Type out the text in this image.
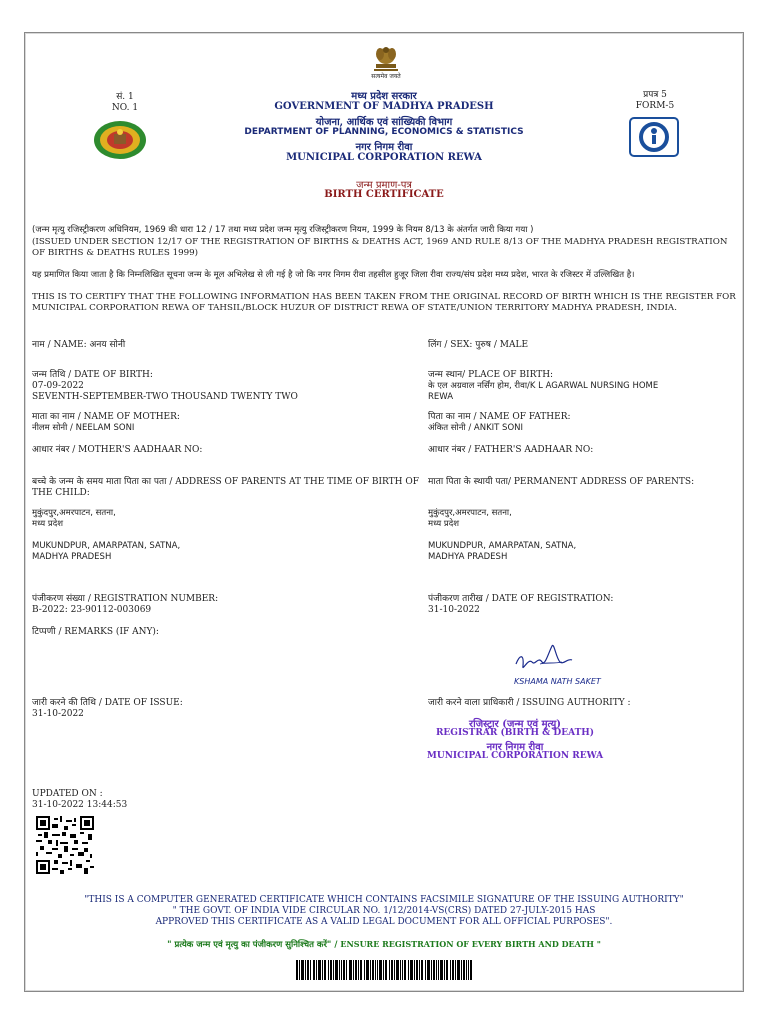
सत्यमेव जयते
सं. 1
NO. 1
प्रपत्र 5
FORM-5
मध्य प्रदेश सरकार
GOVERNMENT OF MADHYA PRADESH
योजना, आर्थिक एवं सांख्यिकी विभाग
DEPARTMENT OF PLANNING, ECONOMICS & STATISTICS
नगर निगम रीवा
MUNICIPAL CORPORATION REWA
जन्म प्रमाण-पत्र
BIRTH CERTIFICATE
(जन्म मृत्यु रजिस्ट्रीकरण अधिनियम, 1969 की धारा 12 / 17 तथा मध्य प्रदेश जन्म मृत्यु रजिस्ट्रीकरण नियम, 1999 के नियम 8/13 के अंतर्गत जारी किया गया )
(ISSUED UNDER SECTION 12/17 OF THE REGISTRATION OF BIRTHS & DEATHS ACT, 1969 AND RULE 8/13 OF THE MADHYA PRADESH REGISTRATION OF BIRTHS & DEATHS RULES 1999)
यह प्रमाणित किया जाता है कि निम्नलिखित सूचना जन्म के मूल अभिलेख से ली गई है जो कि नगर निगम रीवा तहसील हुजूर जिला रीवा राज्य/संघ प्रदेश मध्य प्रदेश, भारत के रजिस्टर में उल्लिखित है।
THIS IS TO CERTIFY THAT THE FOLLOWING INFORMATION HAS BEEN TAKEN FROM THE ORIGINAL RECORD OF BIRTH WHICH IS THE REGISTER FOR MUNICIPAL CORPORATION REWA OF TAHSIL/BLOCK HUZUR OF DISTRICT REWA OF STATE/UNION TERRITORY MADHYA PRADESH, INDIA.
नाम / NAME: अनय सोनी	लिंग / SEX: पुरुष / MALE
जन्म तिथि / DATE OF BIRTH:
07-09-2022
SEVENTH-SEPTEMBER-TWO THOUSAND TWENTY TWO
जन्म स्थान/ PLACE OF BIRTH:
के एल अग्रवाल नर्सिंग होम, रीवा/K L AGARWAL NURSING HOME
REWA
माता का नाम / NAME OF MOTHER:
नीलम सोनी / NEELAM SONI
पिता का नाम / NAME OF FATHER:
अंकित सोनी / ANKIT SONI
आधार नंबर / MOTHER'S AADHAAR NO:	आधार नंबर / FATHER'S AADHAAR NO:
बच्चे के जन्म के समय माता पिता का पता / ADDRESS OF PARENTS AT THE TIME OF BIRTH OF THE CHILD:
माता पिता के स्थायी पता/ PERMANENT ADDRESS OF PARENTS:
मुकुंदपुर,अमरपाटन, सतना,
मध्य प्रदेश
MUKUNDPUR, AMARPATAN, SATNA,
MADHYA PRADESH
मुकुंदपुर,अमरपाटन, सतना,
मध्य प्रदेश
MUKUNDPUR, AMARPATAN, SATNA,
MADHYA PRADESH
पंजीकरण संख्या / REGISTRATION NUMBER:
B-2022: 23-90112-003069
पंजीकरण तारीख / DATE OF REGISTRATION:
31-10-2022
टिप्पणी / REMARKS (IF ANY):
KSHAMA NATH SAKET
जारी करने की तिथि / DATE OF ISSUE:
31-10-2022
जारी करने वाला प्राधिकारी / ISSUING AUTHORITY :
रजिस्ट्रार (जन्म एवं मृत्यु)
REGISTRAR (BIRTH & DEATH)
नगर निगम रीवा
MUNICIPAL CORPORATION REWA
UPDATED ON :
31-10-2022 13:44:53
"THIS IS A COMPUTER GENERATED CERTIFICATE WHICH CONTAINS FACSIMILE SIGNATURE OF THE ISSUING AUTHORITY"
" THE GOVT. OF INDIA VIDE CIRCULAR NO. 1/12/2014-VS(CRS) DATED 27-JULY-2015 HAS
APPROVED THIS CERTIFICATE AS A VALID LEGAL DOCUMENT FOR ALL OFFICIAL PURPOSES".
" प्रत्येक जन्म एवं मृत्यु का पंजीकरण सुनिश्चित करें" / ENSURE REGISTRATION OF EVERY BIRTH AND DEATH "
